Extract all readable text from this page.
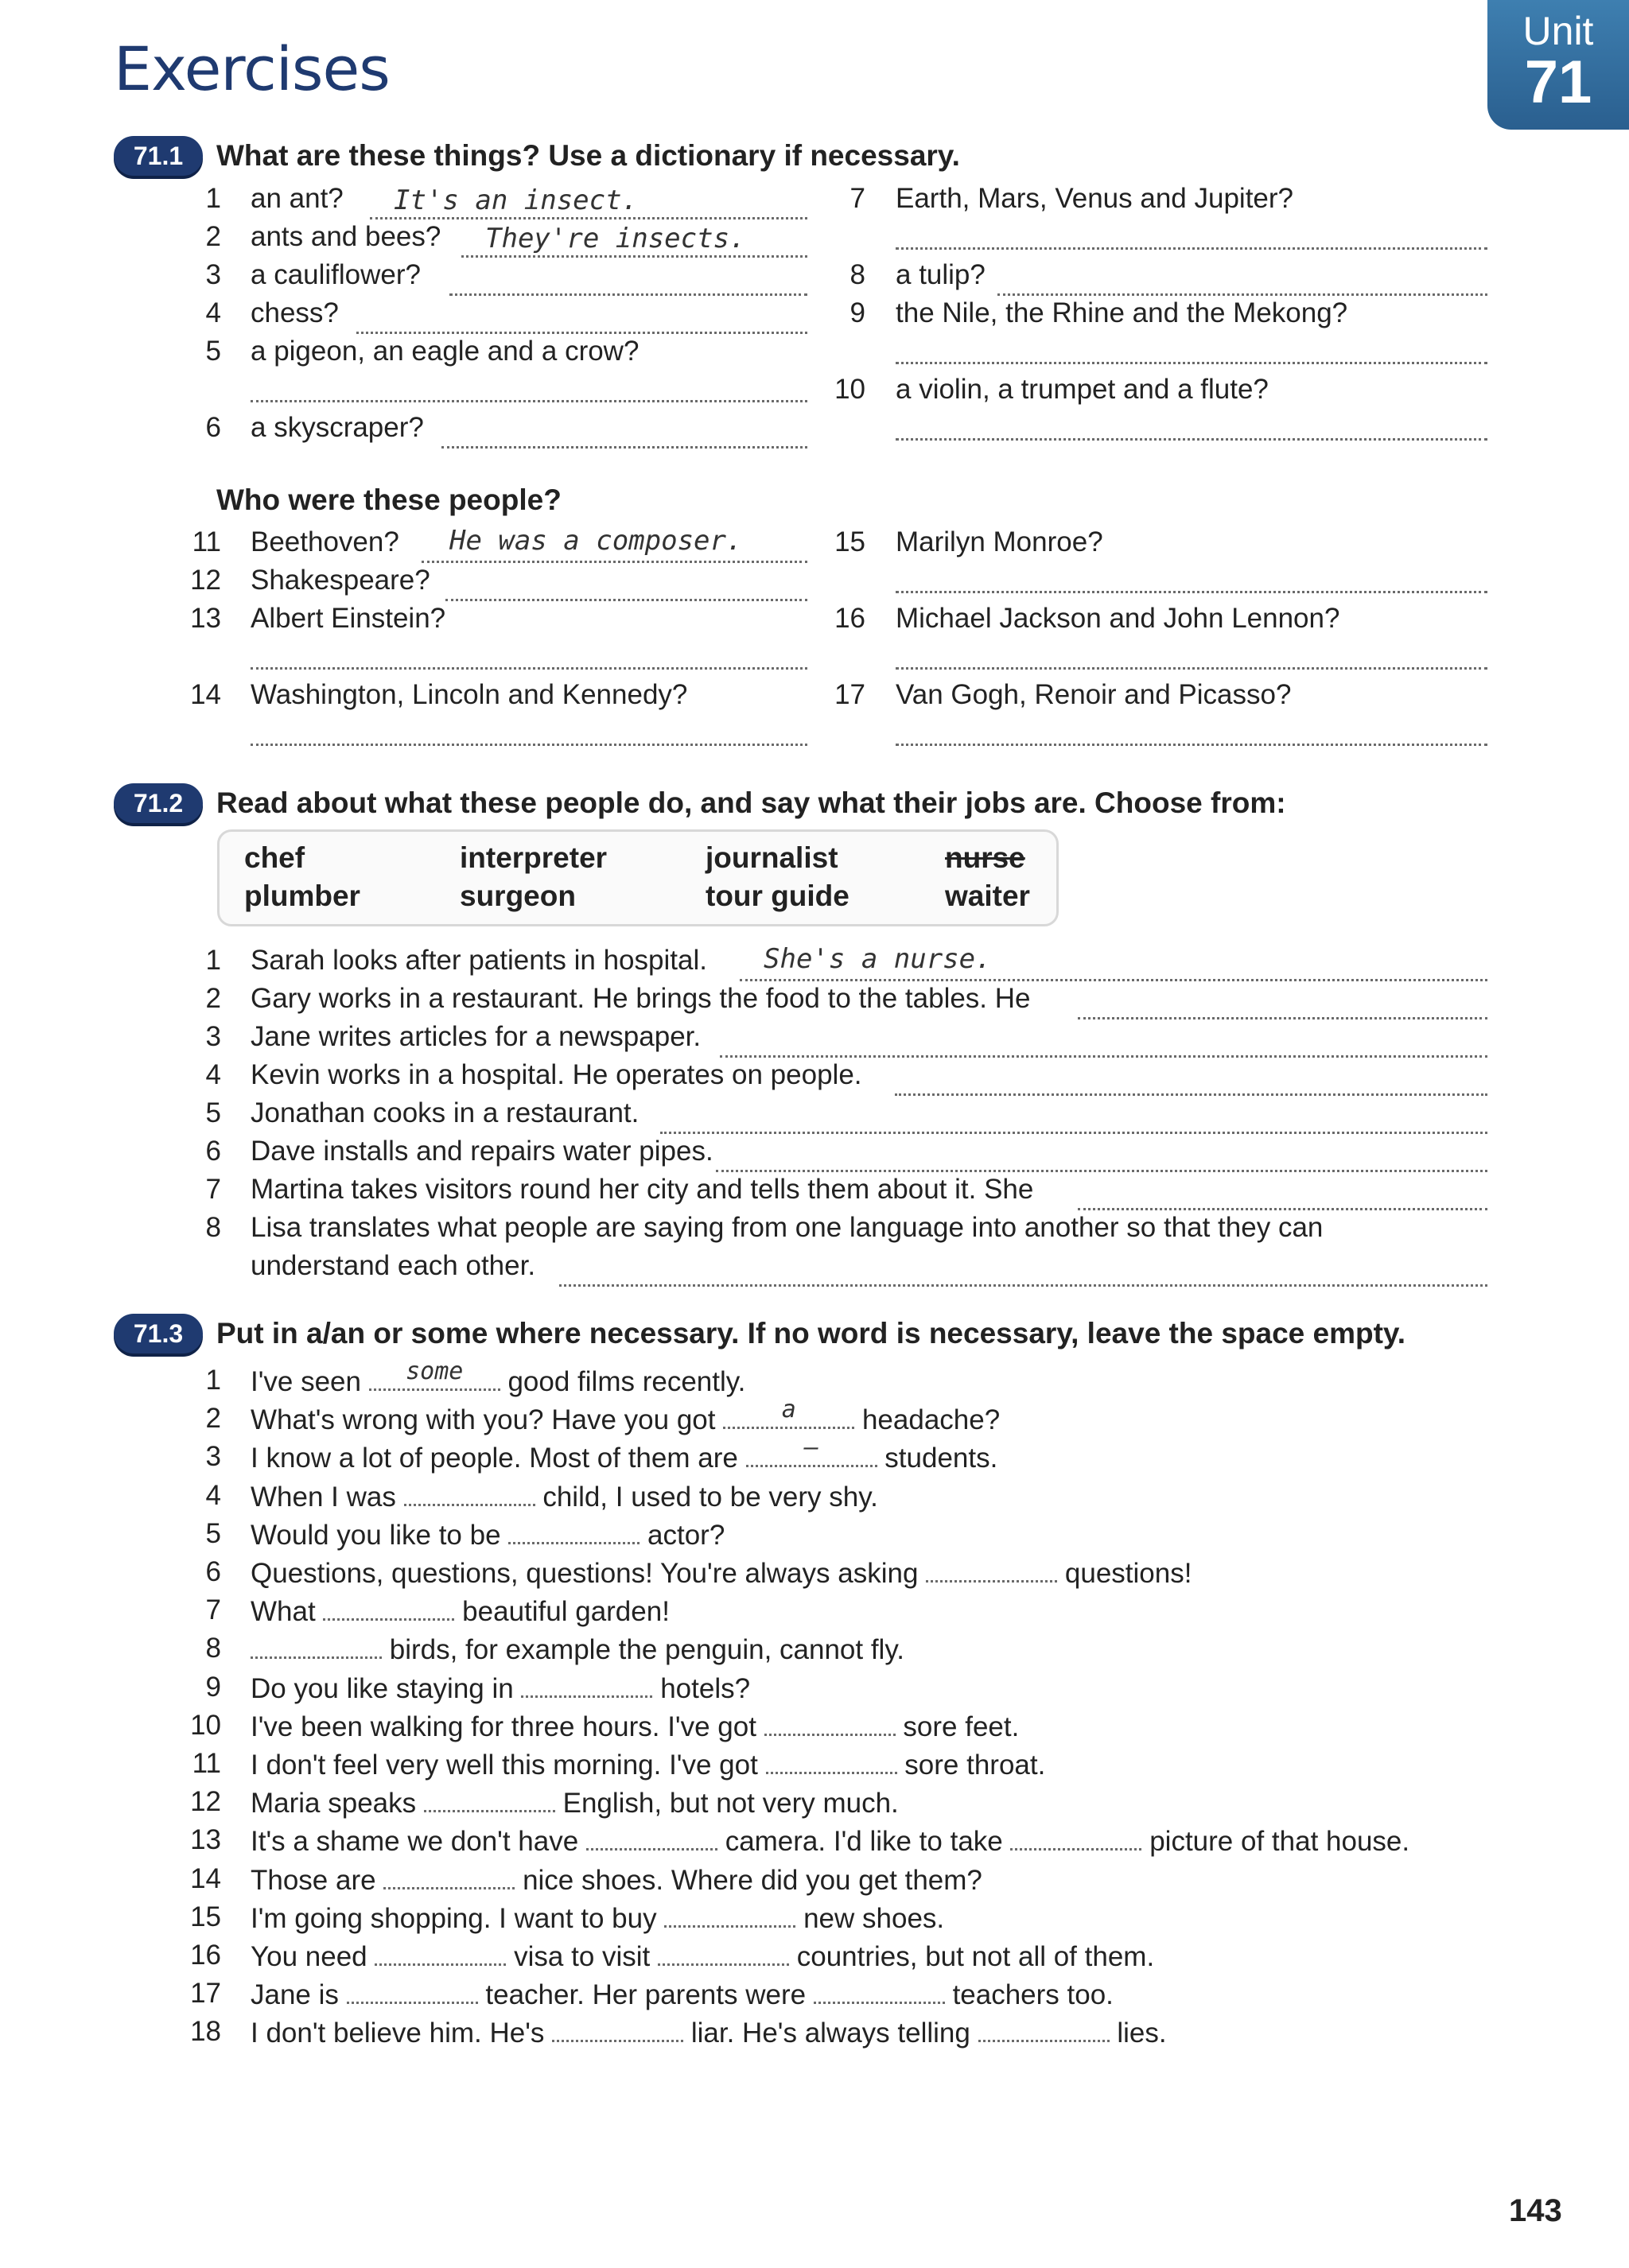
Exercises
Unit
71
71.1	What are these things? Use a dictionary if necessary.
Who were these people?
71.2	Read about what these people do, and say what their jobs are. Choose from:
chef	interpreter	journalist	nurse
plumber	surgeon	tour guide	waiter
71.3	Put in a/an or some where necessary. If no word is necessary, leave the space empty.
143
1 an ant? It's an insect.
2 ants and bees? They're insects.
3 a cauliflower?
4 chess?
5 a pigeon, an eagle and a crow?
6 a skyscraper?
7 Earth, Mars, Venus and Jupiter?
8 a tulip?
9 the Nile, the Rhine and the Mekong?
10 a violin, a trumpet and a flute?
11 Beethoven? He was a composer.
12 Shakespeare?
13 Albert Einstein?
14 Washington, Lincoln and Kennedy?
15 Marilyn Monroe?
16 Michael Jackson and John Lennon?
17 Van Gogh, Renoir and Picasso?
1 Sarah looks after patients in hospital. She's a nurse.
2 Gary works in a restaurant. He brings the food to the tables. He
3 Jane writes articles for a newspaper.
4 Kevin works in a hospital. He operates on people.
5 Jonathan cooks in a restaurant.
6 Dave installs and repairs water pipes.
7 Martina takes visitors round her city and tells them about it. She
8 Lisa translates what people are saying from one language into another so that they can
understand each other.
1 I've seen	some	good films recently.
2 What's wrong with you? Have you got	a	headache?
3 I know a lot of people. Most of them are	–	students.
4 When I was	child, I used to be very shy.
5 Would you like to be	actor?
6 Questions, questions, questions! You're always asking	questions!
7 What	beautiful garden!
8	birds, for example the penguin, cannot fly.
9 Do you like staying in	hotels?
10 I've been walking for three hours. I've got	sore feet.
11 I don't feel very well this morning. I've got	sore throat.
12 Maria speaks	English, but not very much.
13 It's a shame we don't have	camera. I'd like to take	picture of that house.
14 Those are	nice shoes. Where did you get them?
15 I'm going shopping. I want to buy	new shoes.
16 You need	visa to visit	countries, but not all of them.
17 Jane is	teacher. Her parents were	teachers too.
18 I don't believe him. He's	liar. He's always telling	lies.
